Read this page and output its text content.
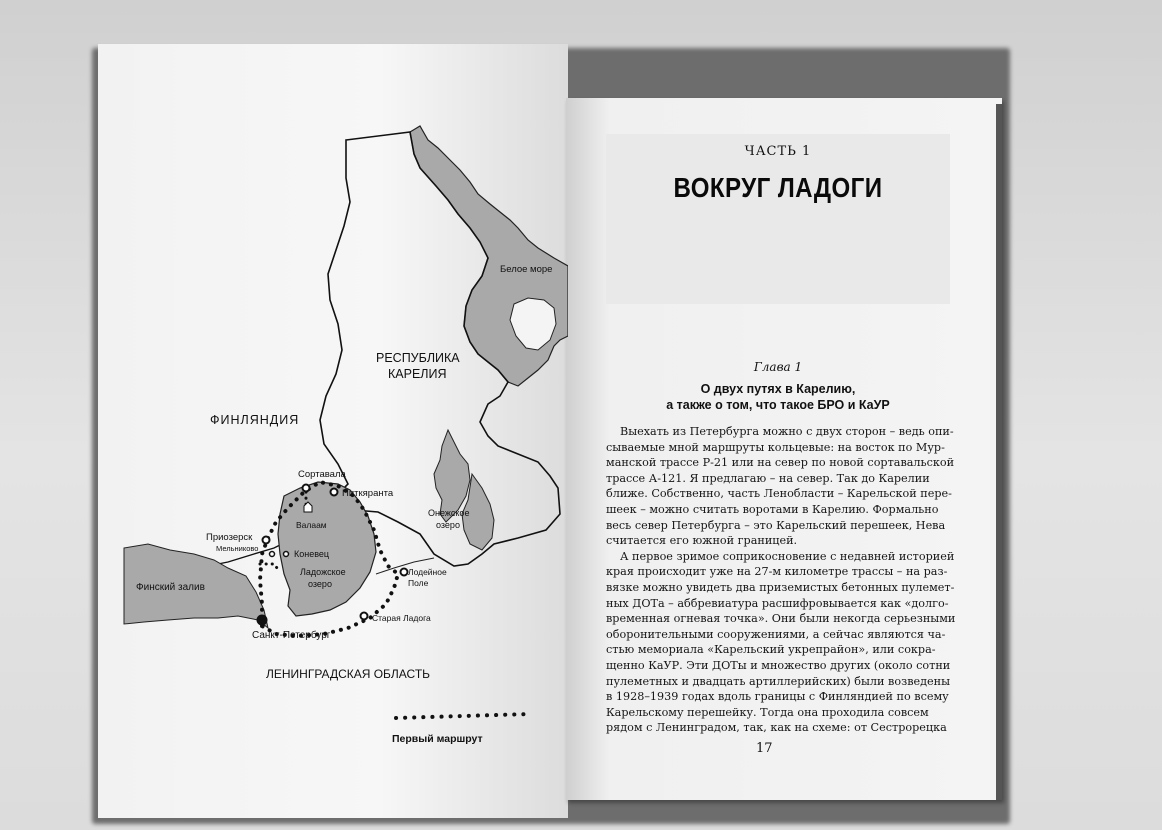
ФИНЛЯНДИЯ
РЕСПУБЛИКА
КАРЕЛИЯ
Белое море
Онежское
озеро
Сортавала
Питкяранта
Валаам
Приозерск
Мельниково
Коневец
Ладожское
озеро
Лодейное
Поле
Финский залив
Старая Ладога
Санкт-Петербург
ЛЕНИНГРАДСКАЯ ОБЛАСТЬ
Первый маршрут
ЧАСТЬ 1
ВОКРУГ ЛАДОГИ
Глава 1
О двух путях в Карелию,
а также о том, что такое БРО и КаУР
Выехать из Петербурга можно с двух сторон – ведь опи-
сываемые мной маршруты кольцевые: на восток по Мур-
манской трассе Р-21 или на север по новой сортавальской
трассе А-121. Я предлагаю – на север. Так до Карелии
ближе. Собственно, часть Ленобласти – Карельской пере-
шеек – можно считать воротами в Карелию. Формально
весь север Петербурга – это Карельский перешеек, Нева
считается его южной границей.
А первое зримое соприкосновение с недавней историей
края происходит уже на 27-м километре трассы – на раз-
вязке можно увидеть два приземистых бетонных пулемет-
ных ДОТа – аббревиатура расшифровывается как «долго-
временная огневая точка». Они были некогда серьезными
оборонительными сооружениями, а сейчас являются ча-
стью мемориала «Карельский укрепрайон», или сокра-
щенно КаУР. Эти ДОТы и множество других (около сотни
пулеметных и двадцать артиллерийских) были возведены
в 1928–1939 годах вдоль границы с Финляндией по всему
Карельскому перешейку. Тогда она проходила совсем
рядом с Ленинградом, так, как на схеме: от Сестрорецка
17
